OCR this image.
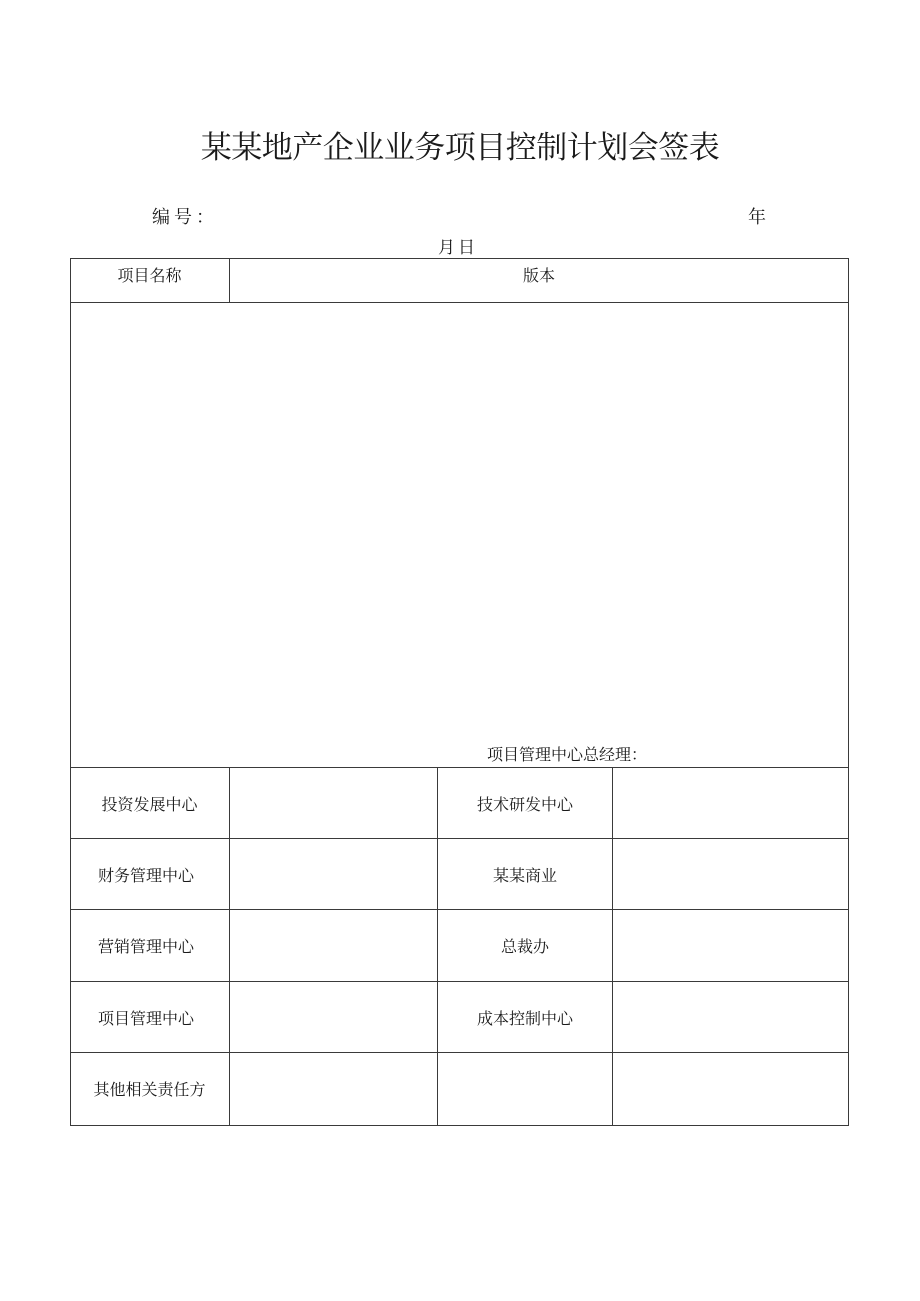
某某地产企业业务项目控制计划会签表
编号：	年
月日
项目名称	版本
项目管理中心总经理：
投资发展中心
财务管理中心
营销管理中心
项目管理中心
其他相关责任方
技术研发中心
某某商业
总裁办
成本控制中心
